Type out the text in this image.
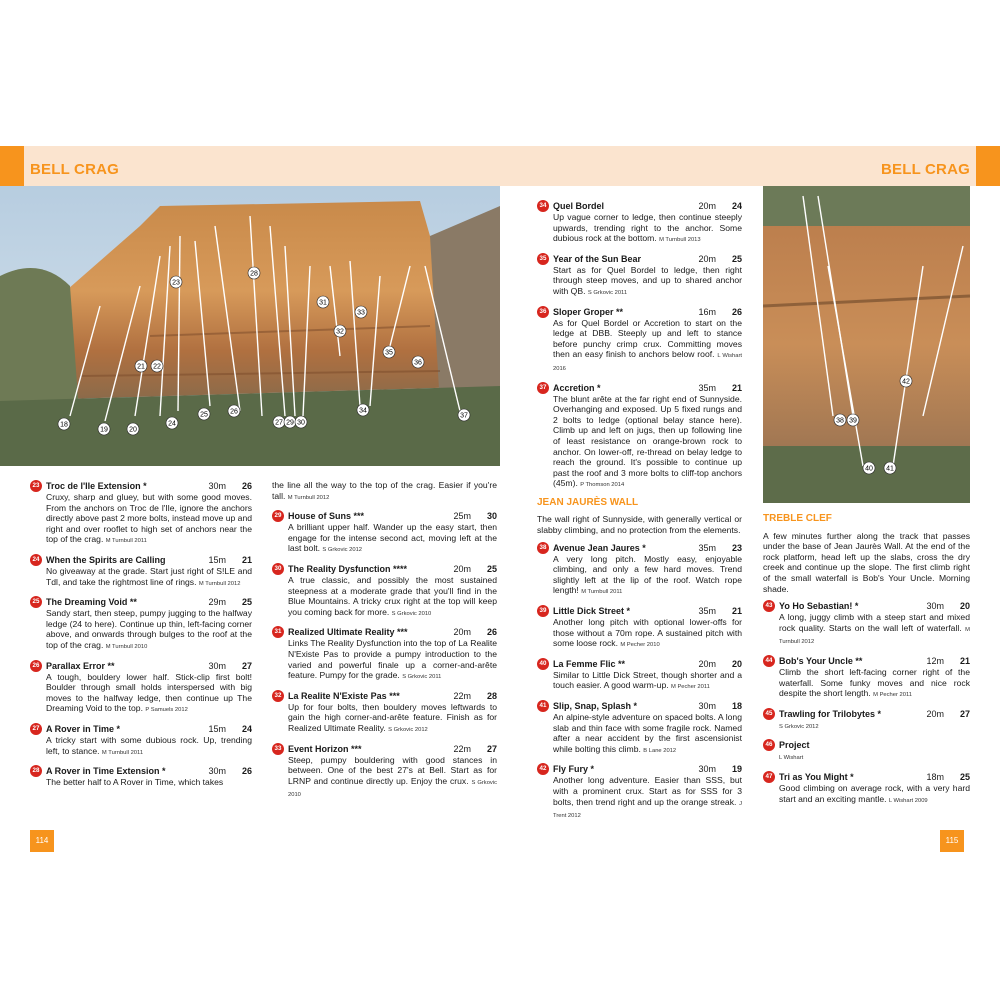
BELL CRAG	BELL CRAG
18
19	20
21 22
23
24
25	26
27
28
29 30
31
32
33
34
35
36
37
38 39
40 41
42
23 Troc de l'Ile Extension *	30m	26
Cruxy, sharp and gluey, but with some good moves. From the anchors on Troc de l'Ile, ignore the anchors directly above past 2 more bolts, instead move up and right and over rooflet to high set of anchors near the top of the crag. M Turnbull 2011
24 When the Spirits are Calling	15m	21
No giveaway at the grade. Start just right of S!LE and Tdl, and take the rightmost line of rings. M Turnbull 2012
25 The Dreaming Void **	29m	25
Sandy start, then steep, pumpy jugging to the halfway ledge (24 to here). Continue up thin, left-facing corner above, and onwards through bulges to the roof at the top of the crag. M Turnbull 2010
26 Parallax Error **	30m	27
A tough, bouldery lower half. Stick-clip first bolt! Boulder through small holds interspersed with big moves to the halfway ledge, then continue up The Dreaming Void to the top. P Samuels 2012
27 A Rover in Time *	15m	24
A tricky start with some dubious rock. Up, trending left, to stance. M Turnbull 2011
28 A Rover in Time Extension *	30m	26
The better half to A Rover in Time, which takes
the line all the way to the top of the crag. Easier if you're tall. M Turnbull 2012
29 House of Suns ***	25m	30
A brilliant upper half. Wander up the easy start, then engage for the intense second act, moving left at the last bolt. S Grkovic 2012
30 The Reality Dysfunction ****	20m	25
A true classic, and possibly the most sustained steepness at a moderate grade that you'll find in the Blue Mountains. A tricky crux right at the top will keep you coming back for more. S Grkovic 2010
31 Realized Ultimate Reality ***	20m	26
Links The Reality Dysfunction into the top of La Realite N'Existe Pas to provide a pumpy introduction to the varied and powerful finale up a corner-and-arête feature. Pumpy for the grade. S Grkovic 2011
32 La Realite N'Existe Pas ***	22m	28
Up for four bolts, then bouldery moves leftwards to gain the high corner-and-arête feature. Finish as for Realized Ultimate Reality. S Grkovic 2012
33 Event Horizon ***	22m	27
Steep, pumpy bouldering with good stances in between. One of the best 27's at Bell. Start as for LRNP and continue directly up. Enjoy the crux. S Grkovic 2010
34 Quel Bordel	20m	24
Up vague corner to ledge, then continue steeply upwards, trending right to the anchor. Some dubious rock at the bottom. M Turnbull 2013
35 Year of the Sun Bear	20m	25
Start as for Quel Bordel to ledge, then right through steep moves, and up to shared anchor with QB. S Grkovic 2011
36 Sloper Groper **	16m	26
As for Quel Bordel or Accretion to start on the ledge at DBB. Steeply up and left to stance before punchy crimp crux. Committing moves then an easy finish to anchors below roof. L Wishart 2016
37 Accretion *	35m	21
The blunt arête at the far right end of Sunnyside. Overhanging and exposed. Up 5 fixed rungs and 2 bolts to ledge (optional belay stance here). Climb up and left on jugs, then up following line of least resistance on orange-brown rock to anchor. On lower-off, re-thread on belay ledge to reach the ground. It's possible to continue up past the roof and 3 more bolts to cliff-top anchors (45m). P Thomson 2014
JEAN JAURÈS WALL
The wall right of Sunnyside, with generally vertical or slabby climbing, and no protection from the elements.
38 Avenue Jean Jaures *	35m	23
A very long pitch. Mostly easy, enjoyable climbing, and only a few hard moves. Trend slightly left at the lip of the roof. Watch rope length! M Turnbull 2011
39 Little Dick Street *	35m	21
Another long pitch with optional lower-offs for those without a 70m rope. A sustained pitch with some loose rock. M Pecher 2010
40 La Femme Flic **	20m	20
Similar to Little Dick Street, though shorter and a touch easier. A good warm-up. M Pecher 2011
41 Slip, Snap, Splash *	30m	18
An alpine-style adventure on spaced bolts. A long slab and thin face with some fragile rock. Named after a near accident by the first ascensionist while bolting this climb. B Lane 2012
42 Fly Fury *	30m	19
Another long adventure. Easier than SSS, but with a prominent crux. Start as for SSS for 3 bolts, then trend right and up the orange streak. J Trent 2012
TREBLE CLEF
A few minutes further along the track that passes under the base of Jean Jaurès Wall. At the end of the rock platform, head left up the slabs, cross the dry creek and continue up the slope. The first climb right of the small waterfall is Bob's Your Uncle. Morning shade.
43 Yo Ho Sebastian! *	30m	20
A long, juggy climb with a steep start and mixed rock quality. Starts on the wall left of waterfall. M Turnbull 2012
44 Bob's Your Uncle **	12m	21
Climb the short left-facing corner right of the waterfall. Some funky moves and nice rock despite the short length. M Pecher 2011
45 Trawling for Trilobytes *	20m	27
S Grkovic 2012
46 Project
L Wishart
47 Tri as You Might *	18m	25
Good climbing on average rock, with a very hard start and an exciting mantle. L Wishart 2009
114	115
